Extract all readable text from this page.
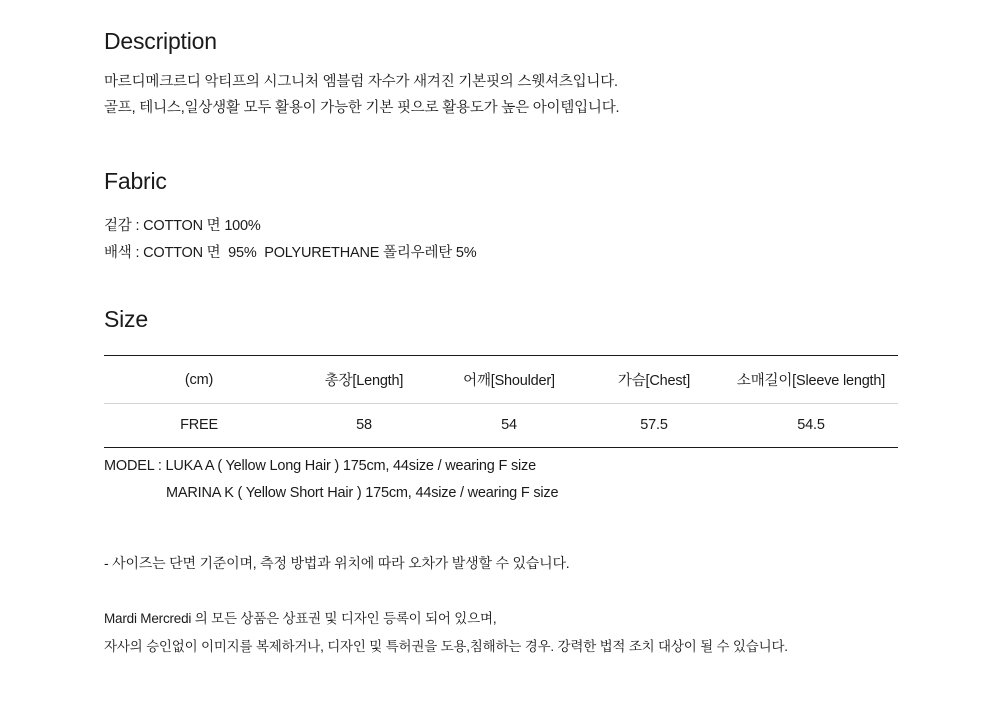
Description
마르디메크르디 악티프의 시그니처 엠블럼 자수가 새겨진 기본핏의 스웻셔츠입니다.
골프, 테니스,일상생활 모두 활용이 가능한 기본 핏으로 활용도가 높은 아이템입니다.
Fabric
겉감 : COTTON 면 100%
배색 : COTTON 면  95%  POLYURETHANE 폴리우레탄 5%
Size
(cm)	총장[Length]	어깨[Shoulder]	가슴[Chest]	소매길이[Sleeve length]
FREE	58	54	57.5	54.5
MODEL : LUKA A ( Yellow Long Hair ) 175cm, 44size / wearing F size
MARINA K ( Yellow Short Hair ) 175cm, 44size / wearing F size
- 사이즈는 단면 기준이며, 측정 방법과 위치에 따라 오차가 발생할 수 있습니다.
Mardi Mercredi 의 모든 상품은 상표권 및 디자인 등록이 되어 있으며,
자사의 승인없이 이미지를 복제하거나, 디자인 및 특허권을 도용,침해하는 경우. 강력한 법적 조치 대상이 될 수 있습니다.
